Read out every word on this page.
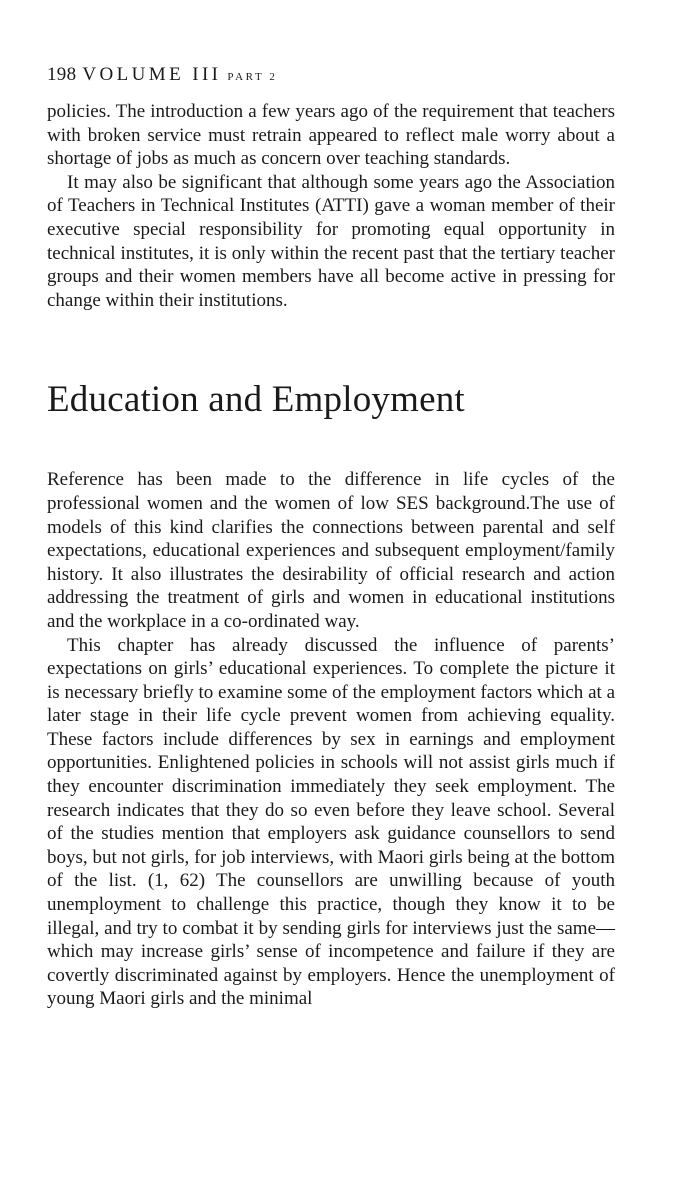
198 VOLUME III PART 2

policies. The introduction a few years ago of the requirement that teachers with broken service must retrain appeared to reflect male worry about a shortage of jobs as much as concern over teaching standards.

It may also be significant that although some years ago the Association of Teachers in Technical Institutes (ATTI) gave a woman member of their executive special responsibility for promoting equal opportunity in technical institutes, it is only within the recent past that the tertiary teacher groups and their women members have all become active in pressing for change within their institutions.

Education and Employment

Reference has been made to the difference in life cycles of the professional women and the women of low SES background.The use of models of this kind clarifies the connections between parental and self expectations, educational experiences and subsequent employment/family history. It also illustrates the desirability of official research and action addressing the treatment of girls and women in educational institutions and the workplace in a co-ordinated way.

This chapter has already discussed the influence of parents’ expectations on girls’ educational experiences. To complete the picture it is necessary briefly to examine some of the employment factors which at a later stage in their life cycle prevent women from achieving equality. These factors include differences by sex in earnings and employment opportunities. Enlightened policies in schools will not assist girls much if they encounter discrimination immediately they seek employment. The research indicates that they do so even before they leave school. Several of the studies mention that employers ask guidance counsellors to send boys, but not girls, for job interviews, with Maori girls being at the bottom of the list. (1, 62) The counsellors are unwilling because of youth unemployment to challenge this practice, though they know it to be illegal, and try to combat it by sending girls for interviews just the same—which may increase girls’ sense of incompetence and failure if they are covertly discriminated against by employers. Hence the unemployment of young Maori girls and the minimal
